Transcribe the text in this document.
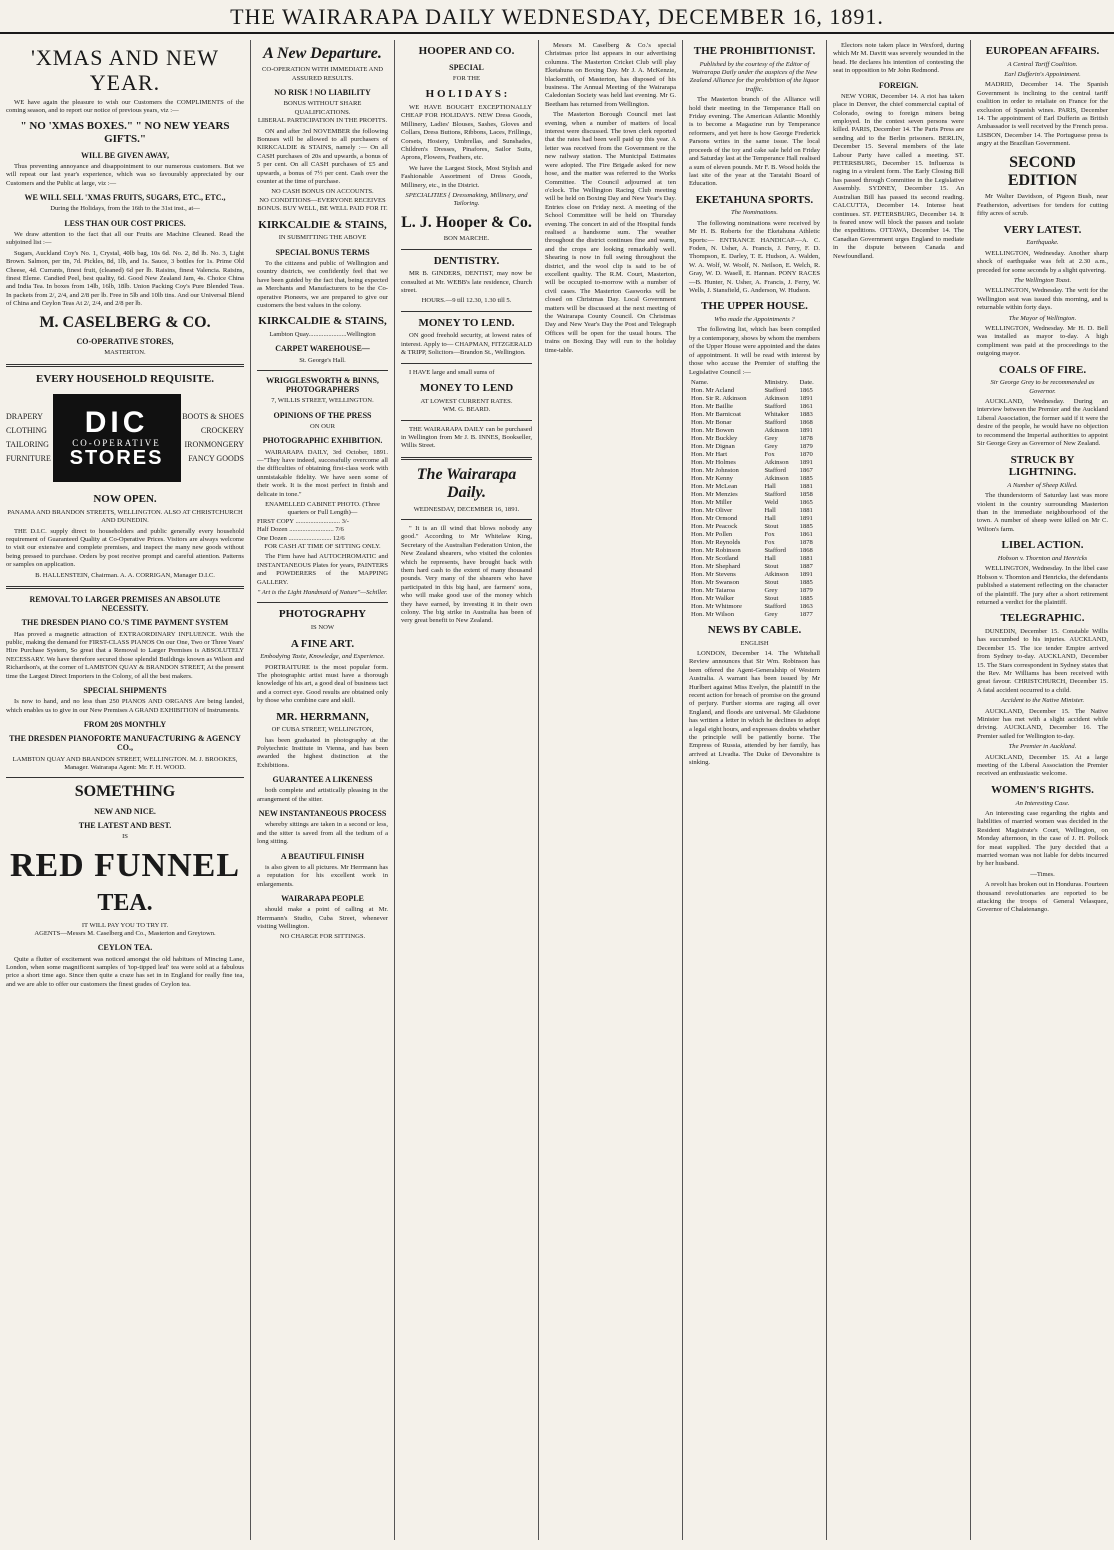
THE WAIRARAPA DAILY WEDNESDAY, DECEMBER 16, 1891.
'XMAS AND NEW YEAR.
WE have again the pleasure to wish our Customers the COMPLIMENTS of the coming season, and to report our notice of previous years, viz :—
" NO 'XMAS BOXES." " NO NEW YEARS GIFTS."
WILL BE GIVEN AWAY,
Thus preventing annoyance and disappointment to our numerous customers. But we will repeat our last year's experience, which was so favourably appreciated by our Customers and the Public at large, viz :—
WE WILL SELL 'XMAS FRUITS, SUGARS, ETC., ETC.,
During the Holidays, from the 16th to the 31st inst., at—
LESS THAN OUR COST PRICES.
We draw attention to the fact that all our Fruits are Machine Cleaned. Read the subjoined list :—
Sugars, Auckland Coy's No. 1, Crystal, 40lb bag, 10s 6d. No. 2, 8d lb. No. 3, Light Brown. Salmon, per tin, 7d. Pickles, 8d, 1lb, and 1s. Sauce, 3 bottles for 1s. Prime Old Cheese, 4d. Currants, finest fruit, (cleaned) 6d per lb. Raisins, finest Valencia. Raisins, finest Eleme. Candied Peel, best quality, 6d. Good New Zealand Jam, 4s. Choice China and India Tea. In boxes from 14lb, 16lb, 18lb. Union Packing Coy's Pure Blended Teas. In packets from 2/, 2/4, and 2/8 per lb. Free in 5lb and 10lb tins. And our Universal Blend of China and Ceylon Teas At 2/, 2/4, and 2/8 per lb.
M. CASELBERG & CO.
CO-OPERATIVE STORES,
MASTERTON.
EVERY HOUSEHOLD REQUISITE.
DRAPERY
CLOTHING
TAILORING
FURNITURE
DIC
CO-OPERATIVE
STORES
BOOTS & SHOES
CROCKERY
IRONMONGERY
FANCY GOODS
NOW OPEN.
PANAMA AND BRANDON STREETS, WELLINGTON. ALSO AT CHRISTCHURCH AND DUNEDIN.
THE D.I.C. supply direct to householders and public generally every household requirement of Guaranteed Quality at Co-Operative Prices. Visitors are always welcome to visit our extensive and complete premises, and inspect the many new goods without being pressed to purchase. Orders by post receive prompt and careful attention. Patterns or samples on application.
B. HALLENSTEIN, Chairman. A. A. CORRIGAN, Manager D.I.C.
REMOVAL TO LARGER PREMISES AN ABSOLUTE NECESSITY.
THE DRESDEN PIANO CO.'S TIME PAYMENT SYSTEM
Has proved a magnetic attraction of EXTRAORDINARY INFLUENCE. With the public, making the demand for FIRST-CLASS PIANOS On our One, Two or Three Years' Hire Purchase System, So great that a Removal to Larger Premises is ABSOLUTELY NECESSARY. We have therefore secured those splendid Buildings known as Wilson and Richardson's, at the corner of LAMBTON QUAY & BRANDON STREET, At the present time the Largest Direct Importers in the Colony, of all the best makers.
SPECIAL SHIPMENTS
Is now to hand, and no less than 250 PIANOS AND ORGANS Are being landed, which enables us to give in our New Premises A GRAND EXHIBITION of Instruments.
FROM 20S MONTHLY
THE DRESDEN PIANOFORTE MANUFACTURING & AGENCY CO.,
LAMBTON QUAY AND BRANDON STREET, WELLINGTON. M. J. BROOKES, Manager. Wairarapa Agent: Mr. F. H. WOOD.
SOMETHING
NEW AND NICE.
THE LATEST AND BEST.
IS
RED FUNNEL
TEA.
IT WILL PAY YOU TO TRY IT.
AGENTS—Messrs M. Caselberg and Co., Masterton and Greytown.
CEYLON TEA.
Quite a flutter of excitement was noticed amongst the old habitues of Mincing Lane, London, when some magnificent samples of 'top-tipped leaf' tea were sold at a fabulous price a short time ago. Since then quite a craze has set in in England for really fine tea, and we are able to offer our customers the finest grades of Ceylon tea.
A New Departure.
CO-OPERATION WITH IMMEDIATE AND ASSURED RESULTS.
NO RISK ! NO LIABILITY
BONUS WITHOUT SHARE QUALIFICATIONS.
LIBERAL PARTICIPATION IN THE PROFITS.
ON and after 3rd NOVEMBER the following Bonuses will be allowed to all purchasers of KIRKCALDIE & STAINS, namely :— On all CASH purchases of 20s and upwards, a bonus of 5 per cent. On all CASH purchases of £5 and upwards, a bonus of 7½ per cent. Cash over the counter at the time of purchase.
NO CASH BONUS ON ACCOUNTS.
NO CONDITIONS—EVERYONE RECEIVES BONUS. BUY WELL, BE WELL PAID FOR IT.
KIRKCALDIE & STAINS,
IN SUBMITTING THE ABOVE
SPECIAL BONUS TERMS
To the citizens and public of Wellington and country districts, we confidently feel that we have been guided by the fact that, being expected as Merchants and Manufacturers to be the Co-operative Pioneers, we are prepared to give our customers the best values in the colony.
KIRKCALDIE & STAINS,
Lambton Quay.......................Wellington
CARPET WAREHOUSE—
St. George's Hall.
WRIGGLESWORTH & BINNS, PHOTOGRAPHERS
7, WILLIS STREET, WELLINGTON.
OPINIONS OF THE PRESS
ON OUR
PHOTOGRAPHIC EXHIBITION.
WAIRARAPA DAILY, 3rd October, 1891.—"They have indeed, successfully overcome all the difficulties of obtaining first-class work with unmistakable fidelity. We have seen some of their work. It is the most perfect in finish and delicate in tone."
ENAMELLED CABINET PHOTO. (Three quarters or Full Length)—
FIRST COPY ........................... 3/-
Half Dozen ........................... 7/6
One Dozen .......................... 12/6
FOR CASH AT TIME OF SITTING ONLY.
The Firm have had AUTOCHROMATIC and INSTANTANEOUS Plates for years, PAINTERS and POWDERERS of the MAPPING GALLERY.
" Art is the Light Handmaid of Nature"—Schiller.
PHOTOGRAPHY
IS NOW
A FINE ART.
Embodying Taste, Knowledge, and Experience.
PORTRAITURE is the most popular form. The photographic artist must have a thorough knowledge of his art, a good deal of business tact and a correct eye. Good results are obtained only by those who combine care and skill.
MR. HERRMANN,
OF CUBA STREET, WELLINGTON,
has been graduated in photography at the Polytechnic Institute in Vienna, and has been awarded the highest distinction at the Exhibitions.
GUARANTEE A LIKENESS
both complete and artistically pleasing in the arrangement of the sitter.
NEW INSTANTANEOUS PROCESS
whereby sittings are taken in a second or less, and the sitter is saved from all the tedium of a long sitting.
A BEAUTIFUL FINISH
is also given to all pictures. Mr Herrmann has a reputation for his excellent work in enlargements.
WAIRARAPA PEOPLE
should make a point of calling at Mr. Herrmann's Studio, Cuba Street, whenever visiting Wellington.
NO CHARGE FOR SITTINGS.
HOOPER AND CO.
SPECIAL
FOR THE
H O L I D A Y S :
WE HAVE BOUGHT EXCEPTIONALLY CHEAP FOR HOLIDAYS. NEW Dress Goods, Millinery, Ladies' Blouses, Sashes, Gloves and Collars, Dress Buttons, Ribbons, Laces, Frillings, Corsets, Hosiery, Umbrellas, and Sunshades, Children's Dresses, Pinafores, Sailor Suits, Aprons, Flowers, Feathers, etc.
We have the Largest Stock, Most Stylish and Fashionable Assortment of Dress Goods, Millinery, etc., in the District.
SPECIALITIES { Dressmaking, Millinery, and Tailoring.
L. J. Hooper & Co.
BON MARCHE.
DENTISTRY.
MR B. GINDERS, DENTIST, may now be consulted at Mr. WEBB's late residence, Church street.
HOURS.—9 till 12.30, 1.30 till 5.
MONEY TO LEND.
ON good freehold security, at lowest rates of interest. Apply to— CHAPMAN, FITZGERALD & TRIPP, Solicitors—Brandon St., Wellington.
I HAVE large and small sums of
MONEY TO LEND
AT LOWEST CURRENT RATES.
WM. G. BEARD.
THE WAIRARAPA DAILY can be purchased in Wellington from Mr J. B. INNES, Bookseller, Willis Street.
The Wairarapa Daily.
WEDNESDAY, DECEMBER 16, 1891.
" It is an ill wind that blows nobody any good." According to Mr Whitelaw King, Secretary of the Australian Federation Union, the New Zealand shearers, who visited the colonies which he represents, have brought back with them hard cash to the extent of many thousand pounds. Very many of the shearers who have participated in this big haul, are farmers' sons, who will make good use of the money which they have earned, by investing it in their own colony. The big strike in Australia has been of very great benefit to New Zealand.
Messrs M. Caselberg & Co.'s special Christmas price list appears in our advertising columns. The Masterton Cricket Club will play Eketahuna on Boxing Day. Mr J. A. McKenzie, blacksmith, of Masterton, has disposed of his business. The Annual Meeting of the Wairarapa Caledonian Society was held last evening. Mr G. Beetham has returned from Wellington.
The Masterton Borough Council met last evening, when a number of matters of local interest were discussed. The town clerk reported that the rates had been well paid up this year. A letter was received from the Government re the new railway station. The Municipal Estimates were adopted. The Fire Brigade asked for new hose, and the matter was referred to the Works Committee. The Council adjourned at ten o'clock. The Wellington Racing Club meeting will be held on Boxing Day and New Year's Day. Entries close on Friday next. A meeting of the School Committee will be held on Thursday evening. The concert in aid of the Hospital funds realised a handsome sum. The weather throughout the district continues fine and warm, and the crops are looking remarkably well. Shearing is now in full swing throughout the district, and the wool clip is said to be of excellent quality. The R.M. Court, Masterton, will be occupied to-morrow with a number of civil cases. The Masterton Gasworks will be closed on Christmas Day. Local Government matters will be discussed at the next meeting of the Wairarapa County Council. On Christmas Day and New Year's Day the Post and Telegraph Offices will be open for the usual hours. The trains on Boxing Day will run to the holiday time-table.
THE PROHIBITIONIST.
Published by the courtesy of the Editor of Wairarapa Daily under the auspices of the New Zealand Alliance for the prohibition of the liquor traffic.
The Masterton branch of the Alliance will hold their meeting in the Temperance Hall on Friday evening. The American Atlantic Monthly is to become a Magazine run by Temperance reformers, and yet here is how George Frederick Parsons writes in the same issue. The local proceeds of the toy and cake sale held on Friday and Saturday last at the Temperance Hall realised a sum of eleven pounds. Mr F. B. Wood holds the last site of the year at the Taratahi Board of Education.
EKETAHUNA SPORTS.
The Nominations.
The following nominations were received by Mr H. B. Roberts for the Eketahuna Athletic Sports:— ENTRANCE HANDICAP.—A. C. Foden, N. Usher, A. Francis, J. Ferry, F. D. Thompson, E. Darley, T. E. Hudson, A. Walden, W. A. Wolf, W. Woolf, N. Neilson, E. Welch, R. Gray, W. D. Wasell, E. Hannan. PONY RACES—B. Hunter, N. Usher, A. Francis, J. Ferry, W. Wells, J. Stansfield, G. Anderson, W. Hudson.
THE UPPER HOUSE.
Who made the Appointments ?
The following list, which has been compiled by a contemporary, shows by whom the members of the Upper House were appointed and the dates of appointment. It will be read with interest by those who accuse the Premier of stuffing the Legislative Council :—
Name.	Ministry.	Date.
Hon. Mr Acland	Stafford	1865
Hon. Sir R. Atkinson	Atkinson	1891
Hon. Mr Baillie	Stafford	1861
Hon. Mr Barnicoat	Whitaker	1883
Hon. Mr Bonar	Stafford	1868
Hon. Mr Bowen	Atkinson	1891
Hon. Mr Buckley	Grey	1878
Hon. Mr Dignan	Grey	1879
Hon. Mr Hart	Fox	1870
Hon. Mr Holmes	Atkinson	1891
Hon. Mr Johnston	Stafford	1867
Hon. Mr Kenny	Atkinson	1885
Hon. Mr McLean	Hall	1881
Hon. Mr Menzies	Stafford	1858
Hon. Mr Miller	Weld	1865
Hon. Mr Oliver	Hall	1881
Hon. Mr Ormond	Hall	1891
Hon. Mr Peacock	Stout	1885
Hon. Mr Pollen	Fox	1861
Hon. Mr Reynolds	Fox	1878
Hon. Mr Robinson	Stafford	1868
Hon. Mr Scotland	Hall	1881
Hon. Mr Shephard	Stout	1887
Hon. Mr Stevens	Atkinson	1891
Hon. Mr Swanson	Stout	1885
Hon. Mr Taiaroa	Grey	1879
Hon. Mr Walker	Stout	1885
Hon. Mr Whitmore	Stafford	1863
Hon. Mr Wilson	Grey	1877
NEWS BY CABLE.
ENGLISH
LONDON, December 14. The Whitehall Review announces that Sir Wm. Robinson has been offered the Agent-Generalship of Western Australia. A warrant has been issued by Mr Hurlbert against Miss Evelyn, the plaintiff in the recent action for breach of promise on the ground of perjury. Further storms are raging all over England, and floods are universal. Mr Gladstone has written a letter in which he declines to adopt a legal eight hours, and expresses doubts whether the principle will be patiently borne. The Empress of Russia, attended by her family, has arrived at Livadia. The Duke of Devonshire is sinking.
Electors note taken place in Wexford, during which Mr M. Davitt was severely wounded in the head. He declares his intention of contesting the seat in opposition to Mr John Redmond.
FOREIGN.
NEW YORK, December 14. A riot has taken place in Denver, the chief commercial capital of Colorado, owing to foreign miners being employed. In the contest seven persons were killed. PARIS, December 14. The Paris Press are sending aid to the Berlin prisoners. BERLIN, December 15. Several members of the late Labour Party have called a meeting. ST. PETERSBURG, December 15. Influenza is raging in a virulent form. The Early Closing Bill has passed through Committee in the Legislative Assembly. SYDNEY, December 15. An Australian Bill has passed its second reading. CALCUTTA, December 14. Intense heat continues. ST. PETERSBURG, December 14. It is feared snow will block the passes and isolate the expeditions. OTTAWA, December 14. The Canadian Government urges England to mediate in the dispute between Canada and Newfoundland.
EUROPEAN AFFAIRS.
A Central Tariff Coalition.
Earl Dufferin's Appointment.
MADRID, December 14. The Spanish Government is inclining to the central tariff coalition in order to retaliate on France for the exclusion of Spanish wines. PARIS, December 14. The appointment of Earl Dufferin as British Ambassador is well received by the French press. LISBON, December 14. The Portuguese press is angry at the Brazilian Government.
SECOND EDITION
Mr Walter Davidson, of Pigeon Bush, near Featherston, advertises for tenders for cutting fifty acres of scrub.
VERY LATEST.
Earthquake.
WELLINGTON, Wednesday. Another sharp shock of earthquake was felt at 2.30 a.m., preceded for some seconds by a slight quivering.
The Wellington Toast.
WELLINGTON, Wednesday. The writ for the Wellington seat was issued this morning, and is returnable within forty days.
The Mayor of Wellington.
WELLINGTON, Wednesday. Mr H. D. Bell was installed as mayor to-day. A high compliment was paid at the proceedings to the outgoing mayor.
COALS OF FIRE.
Sir George Grey to be recommended as Governor.
AUCKLAND, Wednesday. During an interview between the Premier and the Auckland Liberal Association, the former said if it were the desire of the people, he would have no objection to recommend the Imperial authorities to appoint Sir George Grey as Governor of New Zealand.
STRUCK BY LIGHTNING.
A Number of Sheep Killed.
The thunderstorm of Saturday last was more violent in the country surrounding Masterton than in the immediate neighbourhood of the town. A number of sheep were killed on Mr C. Wilton's farm.
LIBEL ACTION.
Hobson v. Thornton and Henricks
WELLINGTON, Wednesday. In the libel case Hobson v. Thornton and Henricks, the defendants published a statement reflecting on the character of the plaintiff. The jury after a short retirement returned a verdict for the plaintiff.
TELEGRAPHIC.
DUNEDIN, December 15. Constable Willis has succumbed to his injuries. AUCKLAND, December 15. The ice tender Empire arrived from Sydney to-day. AUCKLAND, December 15. The Stars correspondent in Sydney states that the Rev. Mr Williams has been received with great favour. CHRISTCHURCH, December 15. A fatal accident occurred to a child.
Accident to the Native Minister.
AUCKLAND, December 15. The Native Minister has met with a slight accident while driving. AUCKLAND, December 16. The Premier sailed for Wellington to-day.
The Premier in Auckland.
AUCKLAND, December 15. At a large meeting of the Liberal Association the Premier received an enthusiastic welcome.
WOMEN'S RIGHTS.
An Interesting Case.
An interesting case regarding the rights and liabilities of married women was decided in the Resident Magistrate's Court, Wellington, on Monday afternoon, in the case of J. H. Pollock for meat supplied. The jury decided that a married woman was not liable for debts incurred by her husband.
—Times.
A revolt has broken out in Honduras. Fourteen thousand revolutionaries are reported to be attacking the troops of General Velasquez, Governor of Chalatenango.
